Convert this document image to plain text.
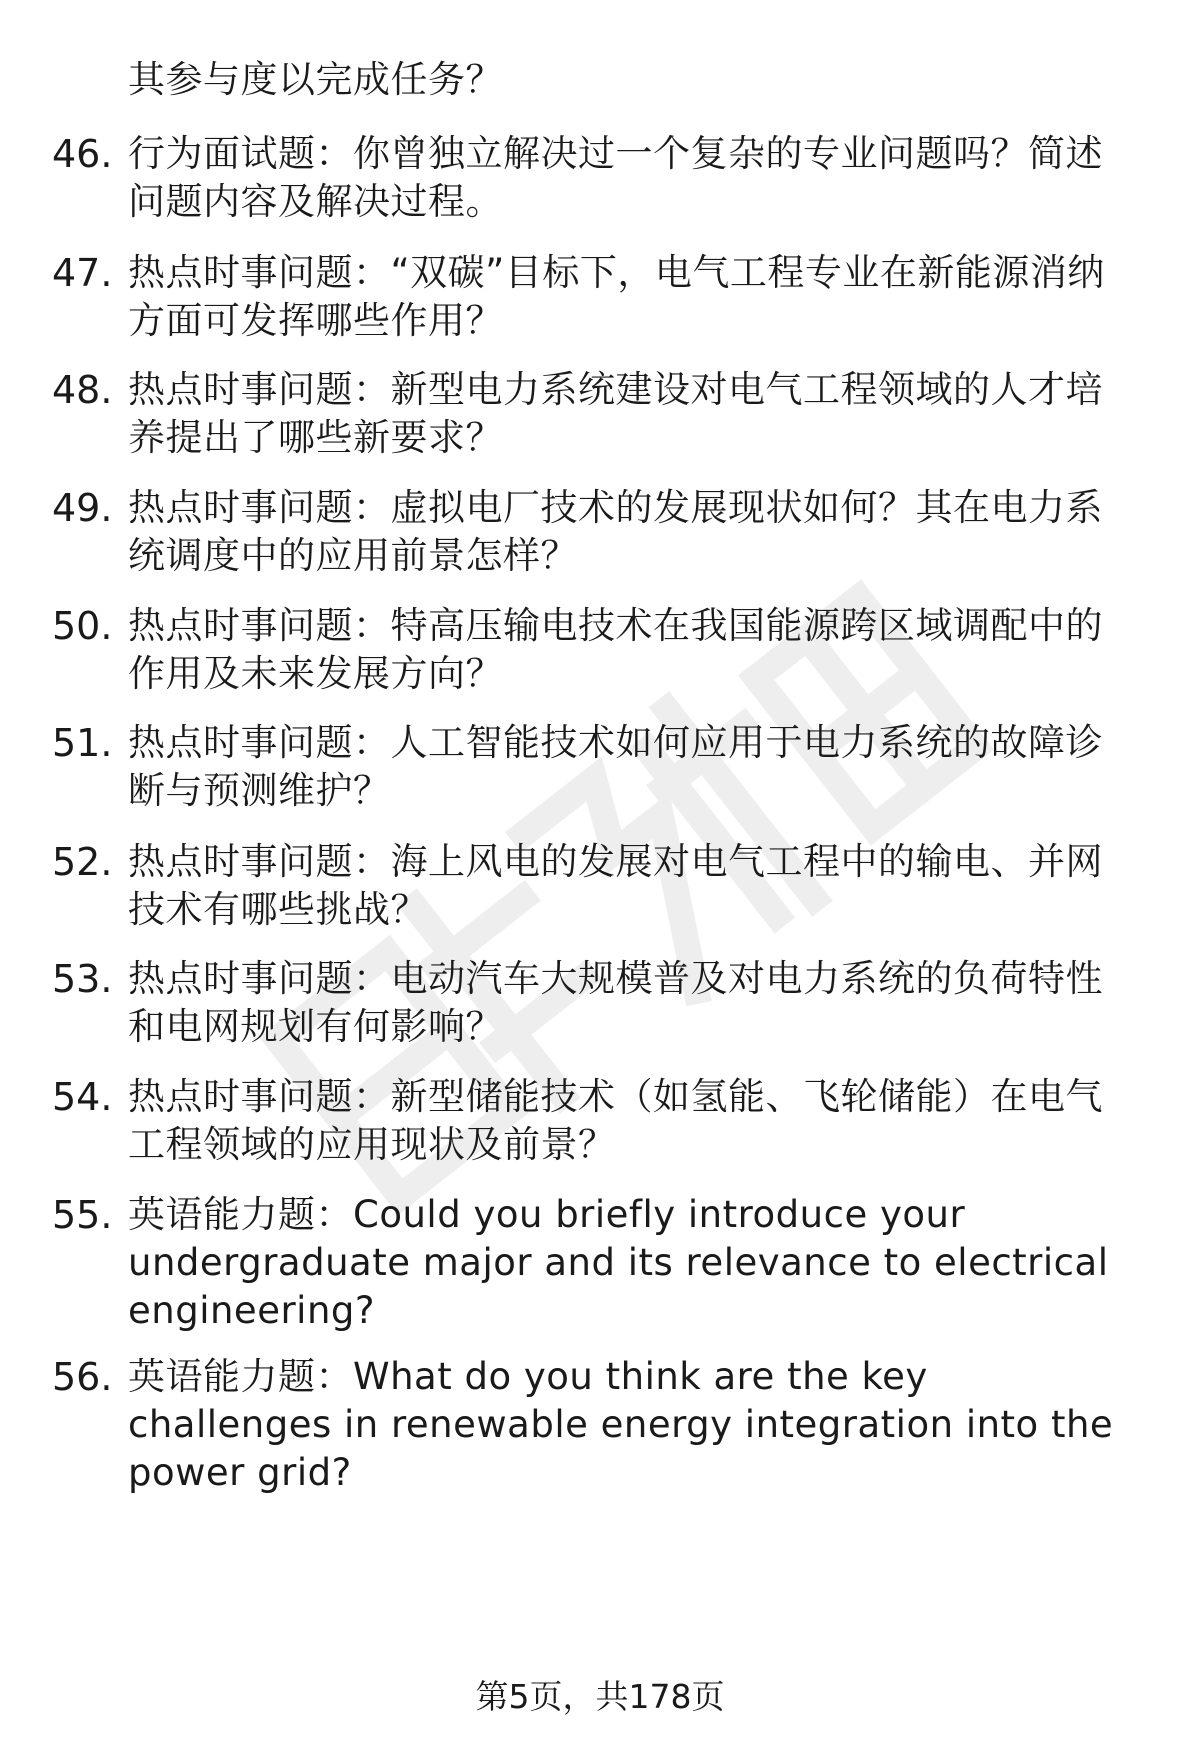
其参与度以完成任务？
46. 行为面试题：你曾独立解决过一个复杂的专业问题吗？简述问题内容及解决过程。
47. 热点时事问题：“双碳”目标下，电气工程专业在新能源消纳方面可发挥哪些作用？
48. 热点时事问题：新型电力系统建设对电气工程领域的人才培养提出了哪些新要求？
49. 热点时事问题：虚拟电厂技术的发展现状如何？其在电力系统调度中的应用前景怎样？
50. 热点时事问题：特高压输电技术在我国能源跨区域调配中的作用及未来发展方向？
51. 热点时事问题：人工智能技术如何应用于电力系统的故障诊断与预测维护？
52. 热点时事问题：海上风电的发展对电气工程中的输电、并网技术有哪些挑战？
53. 热点时事问题：电动汽车大规模普及对电力系统的负荷特性和电网规划有何影响？
54. 热点时事问题：新型储能技术（如氢能、飞轮储能）在电气工程领域的应用现状及前景？
55. 英语能力题：Could you briefly introduce your undergraduate major and its relevance to electrical engineering?
56. 英语能力题：What do you think are the key challenges in renewable energy integration into the power grid?
第5页，共178页
